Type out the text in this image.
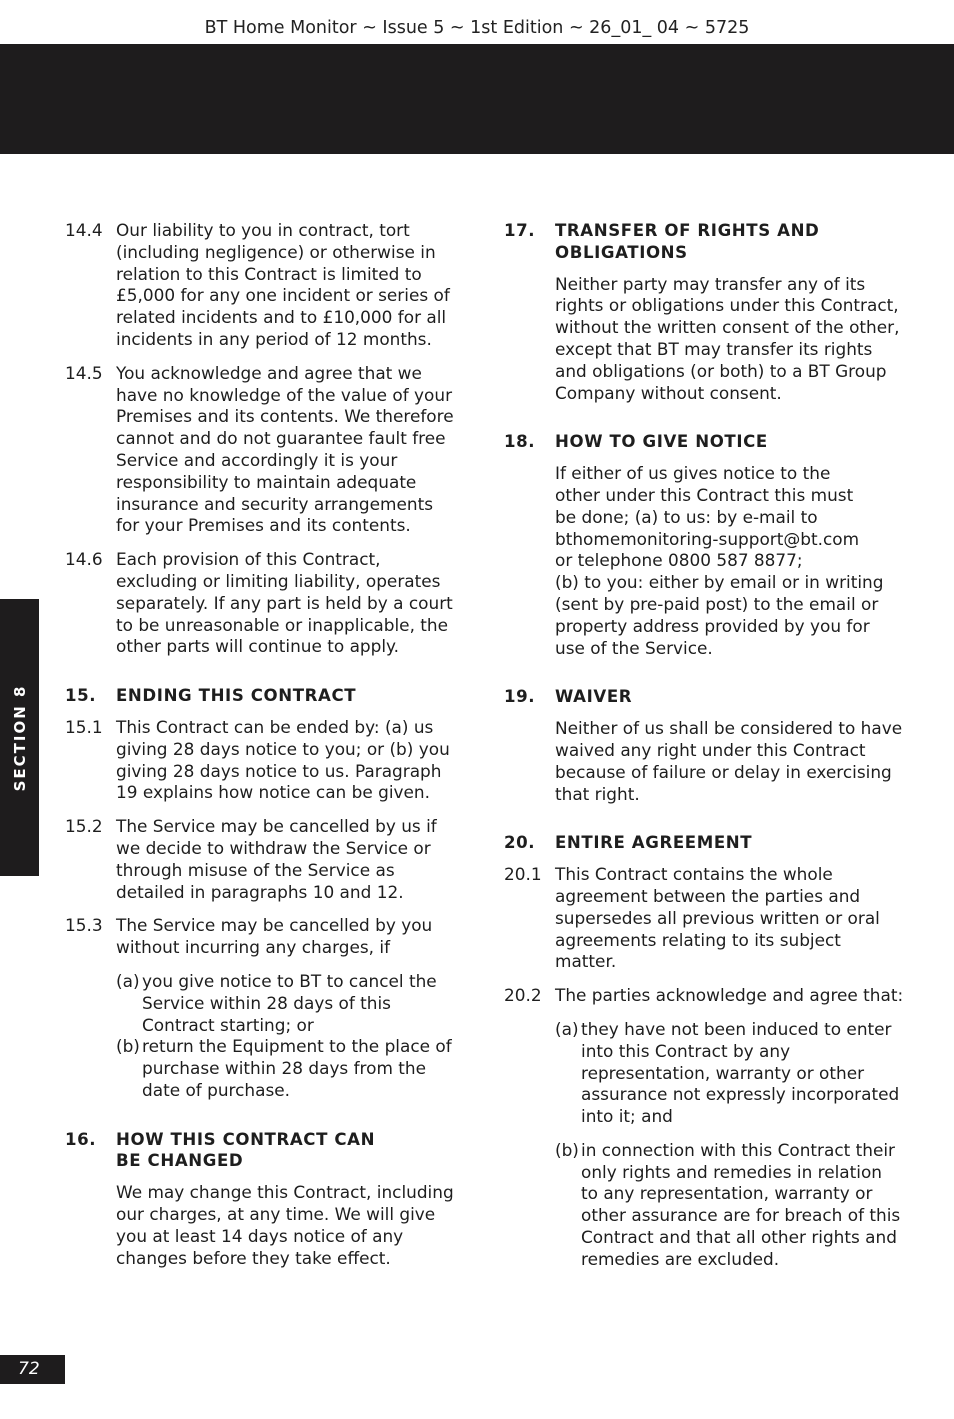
BT Home Monitor ~ Issue 5 ~ 1st Edition ~ 26_01_ 04 ~ 5725
SECTION 8
72
14.4 Our liability to you in contract, tort (including negligence) or otherwise in relation to this Contract is limited to £5,000 for any one incident or series of related incidents and to £10,000 for all incidents in any period of 12 months.
14.5 You acknowledge and agree that we have no knowledge of the value of your Premises and its contents. We therefore cannot and do not guarantee fault free Service and accordingly it is your responsibility to maintain adequate insurance and security arrangements for your Premises and its contents.
14.6 Each provision of this Contract, excluding or limiting liability, operates separately. If any part is held by a court to be unreasonable or inapplicable, the other parts will continue to apply.
15.	ENDING THIS CONTRACT
15.1 This Contract can be ended by: (a) us giving 28 days notice to you; or (b) you giving 28 days notice to us. Paragraph 19 explains how notice can be given.
15.2 The Service may be cancelled by us if we decide to withdraw the Service or through misuse of the Service as detailed in paragraphs 10 and 12.
15.3 The Service may be cancelled by you without incurring any charges, if
(a) you give notice to BT to cancel the Service within 28 days of this Contract starting; or
(b) return the Equipment to the place of purchase within 28 days from the date of purchase.
16.	HOW THIS CONTRACT CAN
BE CHANGED
We may change this Contract, including our charges, at any time. We will give you at least 14 days notice of any changes before they take effect.
17.	TRANSFER OF RIGHTS AND
OBLIGATIONS
Neither party may transfer any of its rights or obligations under this Contract, without the written consent of the other, except that BT may transfer its rights and obligations (or both) to a BT Group Company without consent.
18.	HOW TO GIVE NOTICE
If either of us gives notice to the
other under this Contract this must
be done; (a) to us: by e-mail to
bthomemonitoring-support@bt.com
or telephone 0800 587 8877;
(b) to you: either by email or in writing
(sent by pre-paid post) to the email or
property address provided by you for
use of the Service.
19.	WAIVER
Neither of us shall be considered to have waived any right under this Contract because of failure or delay in exercising that right.
20.	ENTIRE AGREEMENT
20.1 This Contract contains the whole agreement between the parties and supersedes all previous written or oral agreements relating to its subject matter.
20.2 The parties acknowledge and agree that:
(a) they have not been induced to enter into this Contract by any representation, warranty or other assurance not expressly incorporated into it; and
(b) in connection with this Contract their only rights and remedies in relation to any representation, warranty or other assurance are for breach of this Contract and that all other rights and remedies are excluded.
